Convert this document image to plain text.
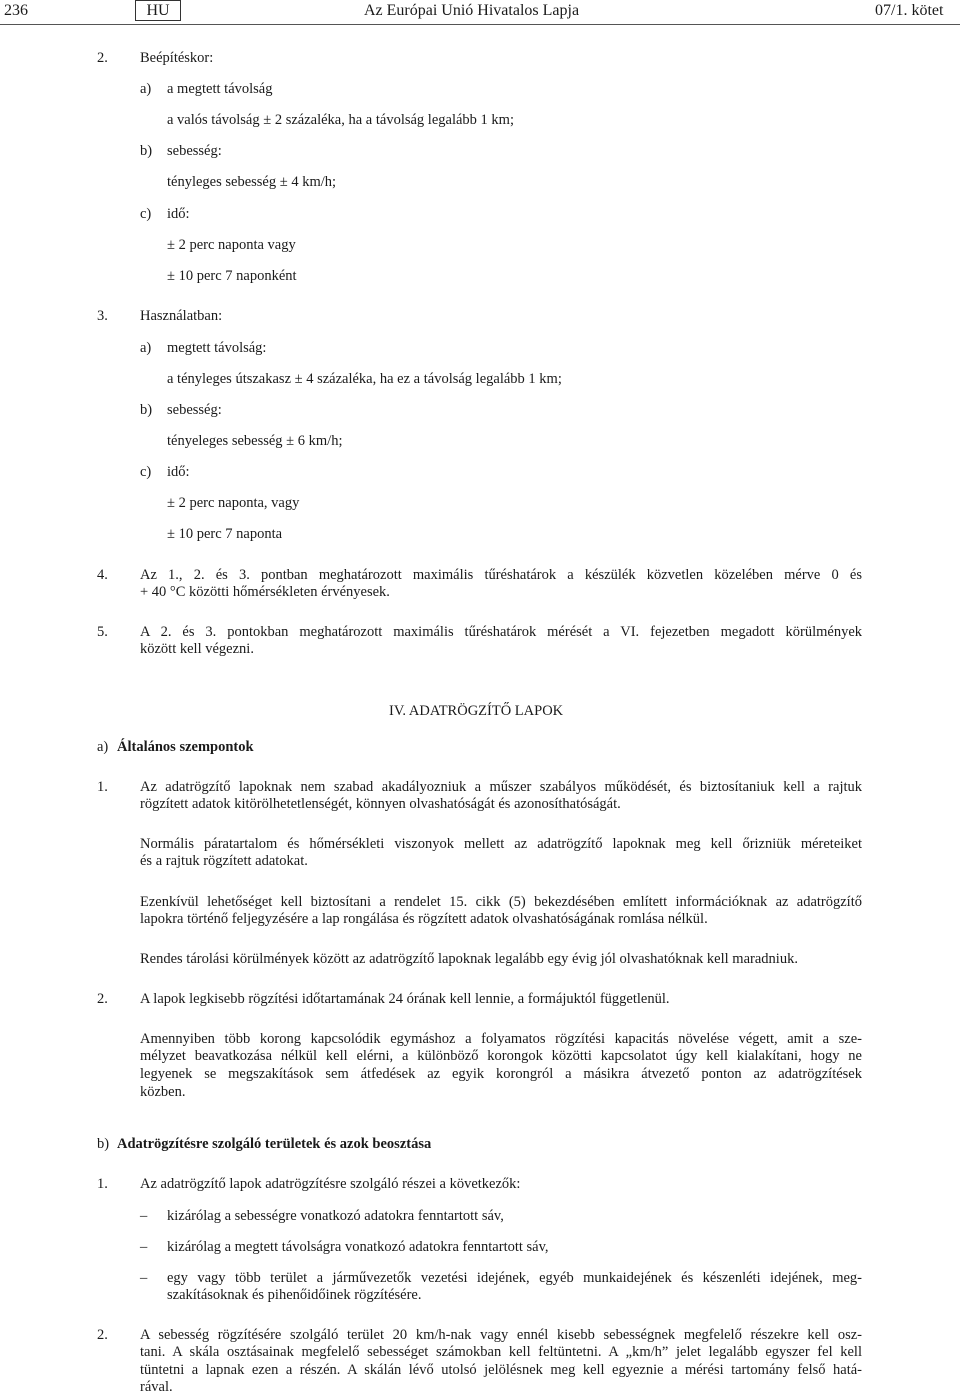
236	HU	Az Európai Unió Hivatalos Lapja	07/1. kötet
2. Beépítéskor:
a) a megtett távolság
a valós távolság ± 2 százaléka, ha a távolság legalább 1 km;
b) sebesség:
tényleges sebesség ± 4 km/h;
c) idő:
± 2 perc naponta vagy
± 10 perc 7 naponként
3. Használatban:
a) megtett távolság:
a tényleges útszakasz ± 4 százaléka, ha ez a távolság legalább 1 km;
b) sebesség:
tényeleges sebesség ± 6 km/h;
c) idő:
± 2 perc naponta, vagy
± 10 perc 7 naponta
4. Az 1., 2. és 3. pontban meghatározott maximális tűréshatárok a készülék közvetlen közelében mérve 0 és
+ 40 °C közötti hőmérsékleten érvényesek.
5. A 2. és 3. pontokban meghatározott maximális tűréshatárok mérését a VI. fejezetben megadott körülmények
között kell végezni.
IV. ADATRÖGZÍTŐ LAPOK
a) Általános szempontok
1. Az adatrögzítő lapoknak nem szabad akadályozniuk a műszer szabályos működését, és biztosítaniuk kell a rajtuk
rögzített adatok kitörölhetetlenségét, könnyen olvashatóságát és azonosíthatóságát.
Normális páratartalom és hőmérsékleti viszonyok mellett az adatrögzítő lapoknak meg kell őrizniük méreteiket
és a rajtuk rögzített adatokat.
Ezenkívül lehetőséget kell biztosítani a rendelet 15. cikk (5) bekezdésében említett információknak az adatrögzítő
lapokra történő feljegyzésére a lap rongálása és rögzített adatok olvashatóságának romlása nélkül.
Rendes tárolási körülmények között az adatrögzítő lapoknak legalább egy évig jól olvashatóknak kell maradniuk.
2. A lapok legkisebb rögzítési időtartamának 24 órának kell lennie, a formájuktól függetlenül.
Amennyiben több korong kapcsolódik egymáshoz a folyamatos rögzítési kapacitás növelése végett, amit a sze-
mélyzet beavatkozása nélkül kell elérni, a különböző korongok közötti kapcsolatot úgy kell kialakítani, hogy ne
legyenek se megszakítások sem átfedések az egyik korongról a másikra átvezető ponton az adatrögzítések
közben.
b) Adatrögzítésre szolgáló területek és azok beosztása
1. Az adatrögzítő lapok adatrögzítésre szolgáló részei a következők:
– kizárólag a sebességre vonatkozó adatokra fenntartott sáv,
– kizárólag a megtett távolságra vonatkozó adatokra fenntartott sáv,
– egy vagy több terület a járművezetők vezetési idejének, egyéb munkaidejének és készenléti idejének, meg-
szakításoknak és pihenőidőinek rögzítésére.
2. A sebesség rögzítésére szolgáló terület 20 km/h-nak vagy ennél kisebb sebességnek megfelelő részekre kell osz-
tani. A skála osztásainak megfelelő sebességet számokban kell feltüntetni. A „km/h” jelet legalább egyszer fel kell
tüntetni a lapnak ezen a részén. A skálán lévő utolsó jelölésnek meg kell egyeznie a mérési tartomány felső hatá-
rával.
